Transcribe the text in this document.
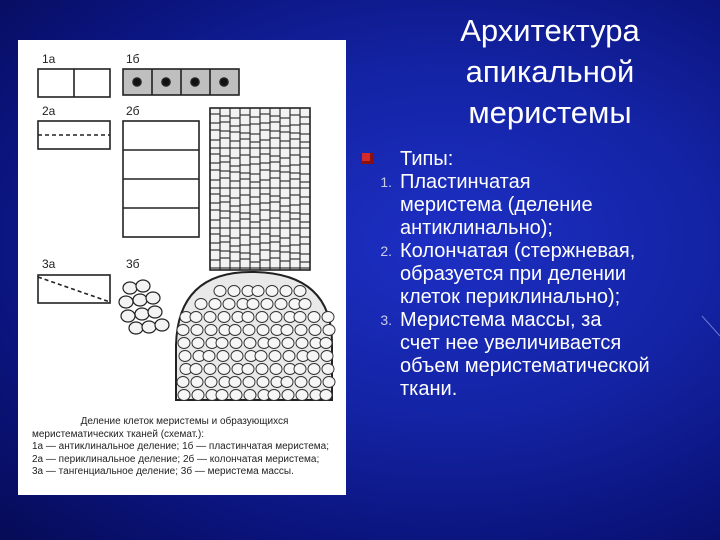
1а	1б
2а	2б
3а	3б
Деление клеток меристемы и образующихся
меристематических тканей (схемат.):
1а — антиклинальное деление; 1б — пластинчатая меристема;
2а — периклинальное деление; 2б — колончатая меристема;
3а — тангенциальное деление; 3б — меристема массы.
Архитектура
апикальной
меристемы
Типы:
1. Пластинчатая
меристема (деление
антиклинально);
2. Колончатая (стержневая,
образуется при делении
клеток периклинально);
3. Меристема массы, за
счет нее увеличивается
объем меристематической
ткани.
